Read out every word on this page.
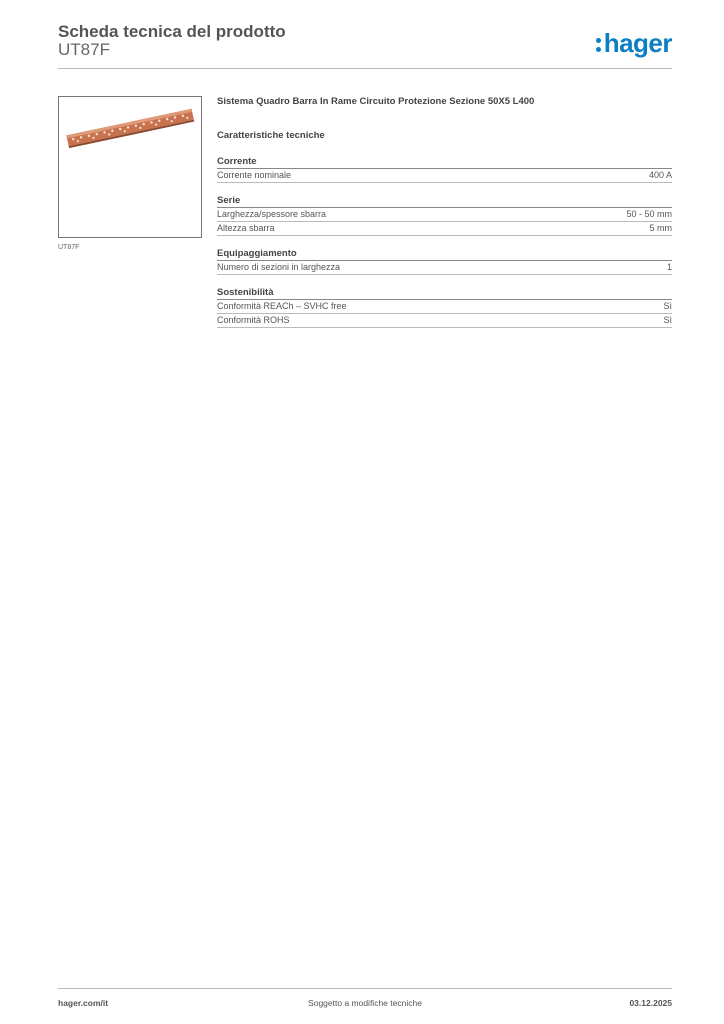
Scheda tecnica del prodotto
UT87F	hager
UT87F
Sistema Quadro Barra In Rame Circuito Protezione Sezione 50X5 L400
Caratteristiche tecniche
Corrente
Corrente nominale	400 A
Serie
Larghezza/spessore sbarra	50 - 50 mm
Altezza sbarra	5 mm
Equipaggiamento
Numero di sezioni in larghezza	1
Sostenibilità
Conformità REACh – SVHC free	Sì
Conformità ROHS	Sì
hager.com/it	Soggetto a modifiche tecniche	03.12.2025
